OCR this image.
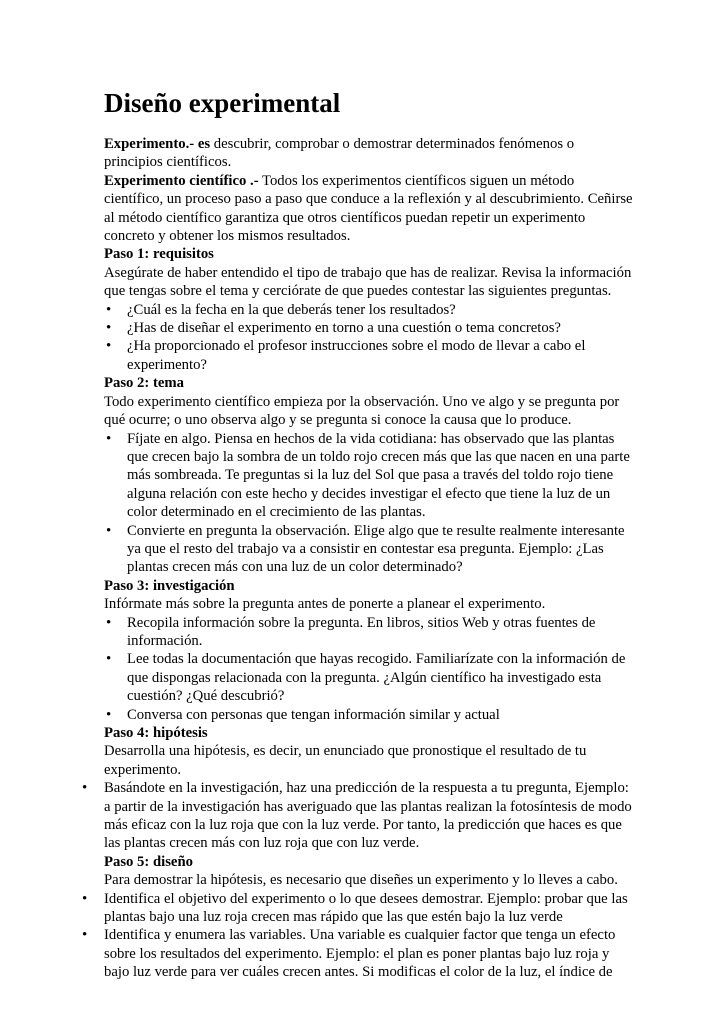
Diseño experimental

Experimento.- es descubrir, comprobar o demostrar determinados fenómenos o principios científicos.

Experimento científico .- Todos los experimentos científicos siguen un método científico, un proceso paso a paso que conduce a la reflexión y al descubrimiento. Ceñirse al método científico garantiza que otros científicos puedan repetir un experimento concreto y obtener los mismos resultados.

Paso 1: requisitos

Asegúrate de haber entendido el tipo de trabajo que has de realizar. Revisa la información que tengas sobre el tema y cerciórate de que puedes contestar las siguientes preguntas.

• ¿Cuál es la fecha en la que deberás tener los resultados?
• ¿Has de diseñar el experimento en torno a una cuestión o tema concretos?
• ¿Ha proporcionado el profesor instrucciones sobre el modo de llevar a cabo el experimento?

Paso 2: tema

Todo experimento científico empieza por la observación. Uno ve algo y se pregunta por qué ocurre; o uno observa algo y se pregunta si conoce la causa que lo produce.

• Fíjate en algo. Piensa en hechos de la vida cotidiana: has observado que las plantas que crecen bajo la sombra de un toldo rojo crecen más que las que nacen en una parte más sombreada. Te preguntas si la luz del Sol que pasa a través del toldo rojo tiene alguna relación con este hecho y decides investigar el efecto que tiene la luz de un color determinado en el crecimiento de las plantas.
• Convierte en pregunta la observación. Elige algo que te resulte realmente interesante ya que el resto del trabajo va a consistir en contestar esa pregunta. Ejemplo: ¿Las plantas crecen más con una luz de un color determinado?

Paso 3: investigación

Infórmate más sobre la pregunta antes de ponerte a planear el experimento.

• Recopila información sobre la pregunta. En libros, sitios Web y otras fuentes de información.
• Lee todas la documentación que hayas recogido. Familiarízate con la información de que dispongas relacionada con la pregunta. ¿Algún científico ha investigado esta cuestión? ¿Qué descubrió?
• Conversa con personas que tengan información similar y actual

Paso 4: hipótesis

Desarrolla una hipótesis, es decir, un enunciado que pronostique el resultado de tu experimento.

• Basándote en la investigación, haz una predicción de la respuesta a tu pregunta, Ejemplo: a partir de la investigación has averiguado que las plantas realizan la fotosíntesis de modo más eficaz con la luz roja que con la luz verde. Por tanto, la predicción que haces es que las plantas crecen más con luz roja que con luz verde.

Paso 5: diseño

Para demostrar la hipótesis, es necesario que diseñes un experimento y lo lleves a cabo.

• Identifica el objetivo del experimento o lo que desees demostrar. Ejemplo: probar que las plantas bajo una luz roja crecen mas rápido que las que estén bajo la luz verde
• Identifica y enumera las variables. Una variable es cualquier factor que tenga un efecto sobre los resultados del experimento. Ejemplo: el plan es poner plantas bajo luz roja y bajo luz verde para ver cuáles crecen antes. Si modificas el color de la luz, el índice de
